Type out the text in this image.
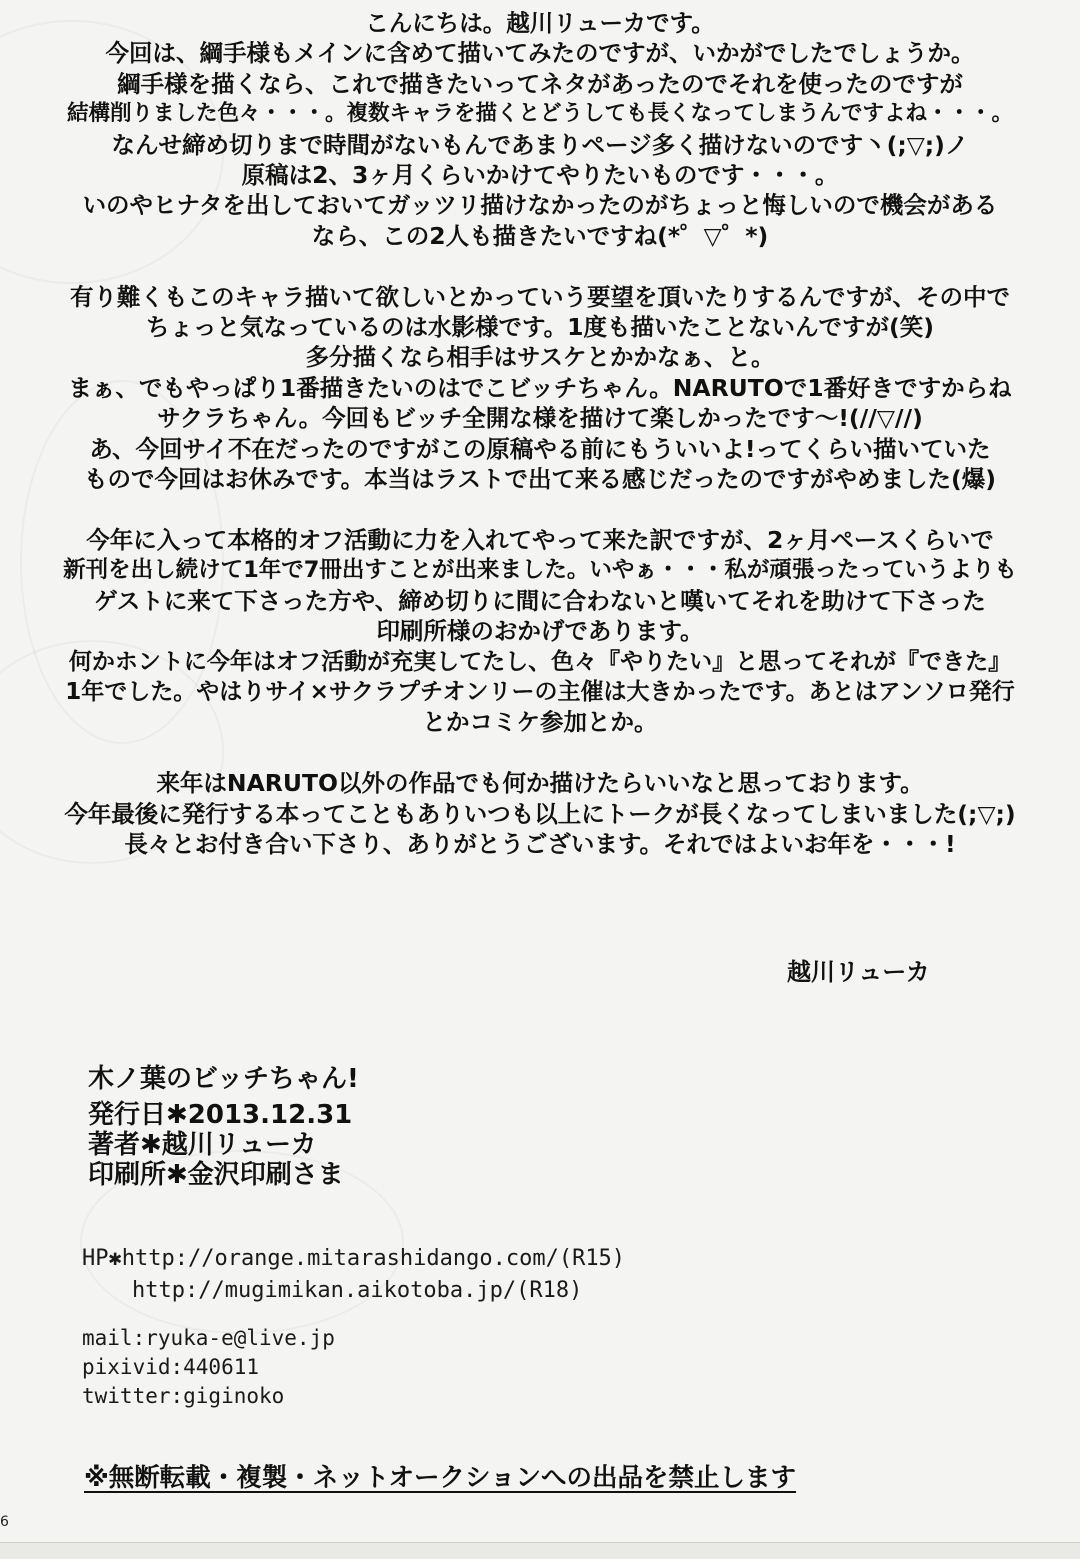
こんにちは。越川リューカです。
今回は、綱手様もメインに含めて描いてみたのですが、いかがでしたでしょうか。
綱手様を描くなら、これで描きたいってネタがあったのでそれを使ったのですが
結構削りました色々・・・。複数キャラを描くとどうしても長くなってしまうんですよね・・・。
なんせ締め切りまで時間がないもんであまりページ多く描けないのです丶(;▽;)ノ
原稿は2、3ヶ月くらいかけてやりたいものです・・・。
いのやヒナタを出しておいてガッツリ描けなかったのがちょっと悔しいので機会がある
なら、この2人も描きたいですね(*゜▽゜*)
有り難くもこのキャラ描いて欲しいとかっていう要望を頂いたりするんですが、その中で
ちょっと気なっているのは水影様です。1度も描いたことないんですが(笑)
多分描くなら相手はサスケとかかなぁ、と。
まぁ、でもやっぱり1番描きたいのはでこビッチちゃん。NARUTOで1番好きですからね
サクラちゃん。今回もビッチ全開な様を描けて楽しかったです〜!(//▽//)
あ、今回サイ不在だったのですがこの原稿やる前にもういいよ!ってくらい描いていた
もので今回はお休みです。本当はラストで出て来る感じだったのですがやめました(爆)
今年に入って本格的オフ活動に力を入れてやって来た訳ですが、2ヶ月ペースくらいで
新刊を出し続けて1年で7冊出すことが出来ました。いやぁ・・・私が頑張ったっていうよりも
ゲストに来て下さった方や、締め切りに間に合わないと嘆いてそれを助けて下さった
印刷所様のおかげであります。
何かホントに今年はオフ活動が充実してたし、色々『やりたい』と思ってそれが『できた』
1年でした。やはりサイ×サクラプチオンリーの主催は大きかったです。あとはアンソロ発行
とかコミケ参加とか。
来年はNARUTO以外の作品でも何か描けたらいいなと思っております。
今年最後に発行する本ってこともありいつも以上にトークが長くなってしまいました(;▽;)
長々とお付き合い下さり、ありがとうございます。それではよいお年を・・・!
越川リューカ
木ノ葉のビッチちゃん!
発行日✱2013.12.31
著者✱越川リューカ
印刷所✱金沢印刷さま
HP✱http://orange.mitarashidango.com/(R15)
http://mugimikan.aikotoba.jp/(R18)
mail:ryuka-e@live.jp
pixivid:440611
twitter:giginoko
※無断転載・複製・ネットオークションへの出品を禁止します
6
